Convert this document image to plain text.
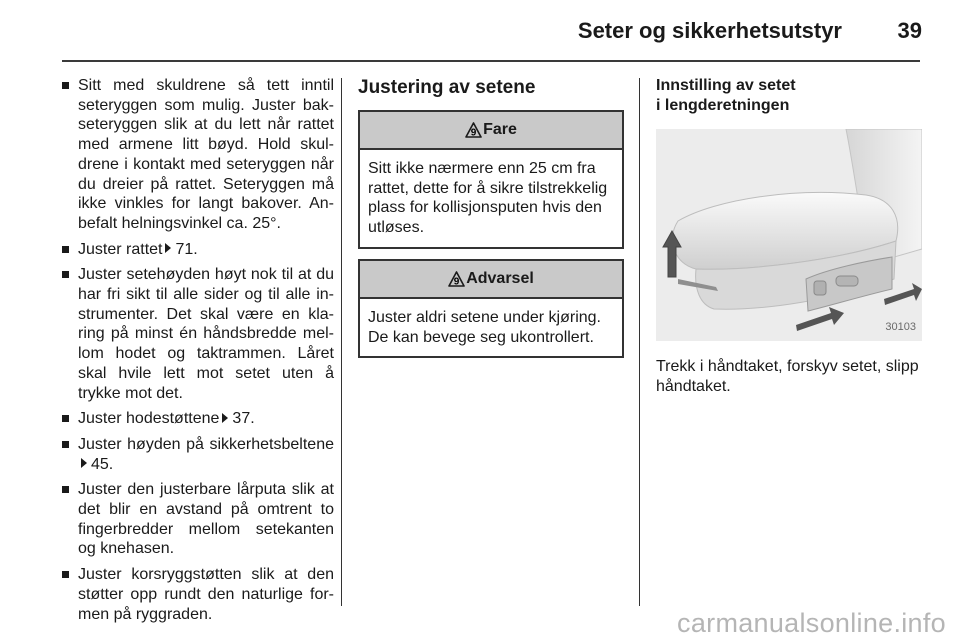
Seter og sikkerhetsutstyr	39
Sitt med skuldrene så tett inntil seteryggen som mulig. Juster bakseteryggen slik at du lett når rattet med armene litt bøyd. Hold skuldrene i kontakt med seteryggen når du dreier på rattet. Seteryggen må ikke vinkles for langt bakover. Anbefalt helningsvinkel ca. 25°.
Juster rattet 71.
Juster setehøyden høyt nok til at du har fri sikt til alle sider og til alle instrumenter. Det skal være en klaring på minst én håndsbredde mellom hodet og taktrammen. Låret skal hvile lett mot setet uten å trykke mot det.
Juster hodestøttene 37.
Juster høyden på sikkerhetsbeltene45.
Juster den justerbare lårputa slik at det blir en avstand på omtrent to fingerbredder mellom setekanten og knehasen.
Juster korsryggstøtten slik at den støtter opp rundt den naturlige formen på ryggraden.
Justering av setene
9 Fare
Sitt ikke nærmere enn 25 cm fra rattet, dette for å sikre tilstrekkelig plass for kollisjonsputen hvis den utløses.
9 Advarsel
Juster aldri setene under kjøring. De kan bevege seg ukontrollert.
Innstilling av setet
i lengderetningen
30103
Trekk i håndtaket, forskyv setet, slipp håndtaket.
carmanualsonline.info
